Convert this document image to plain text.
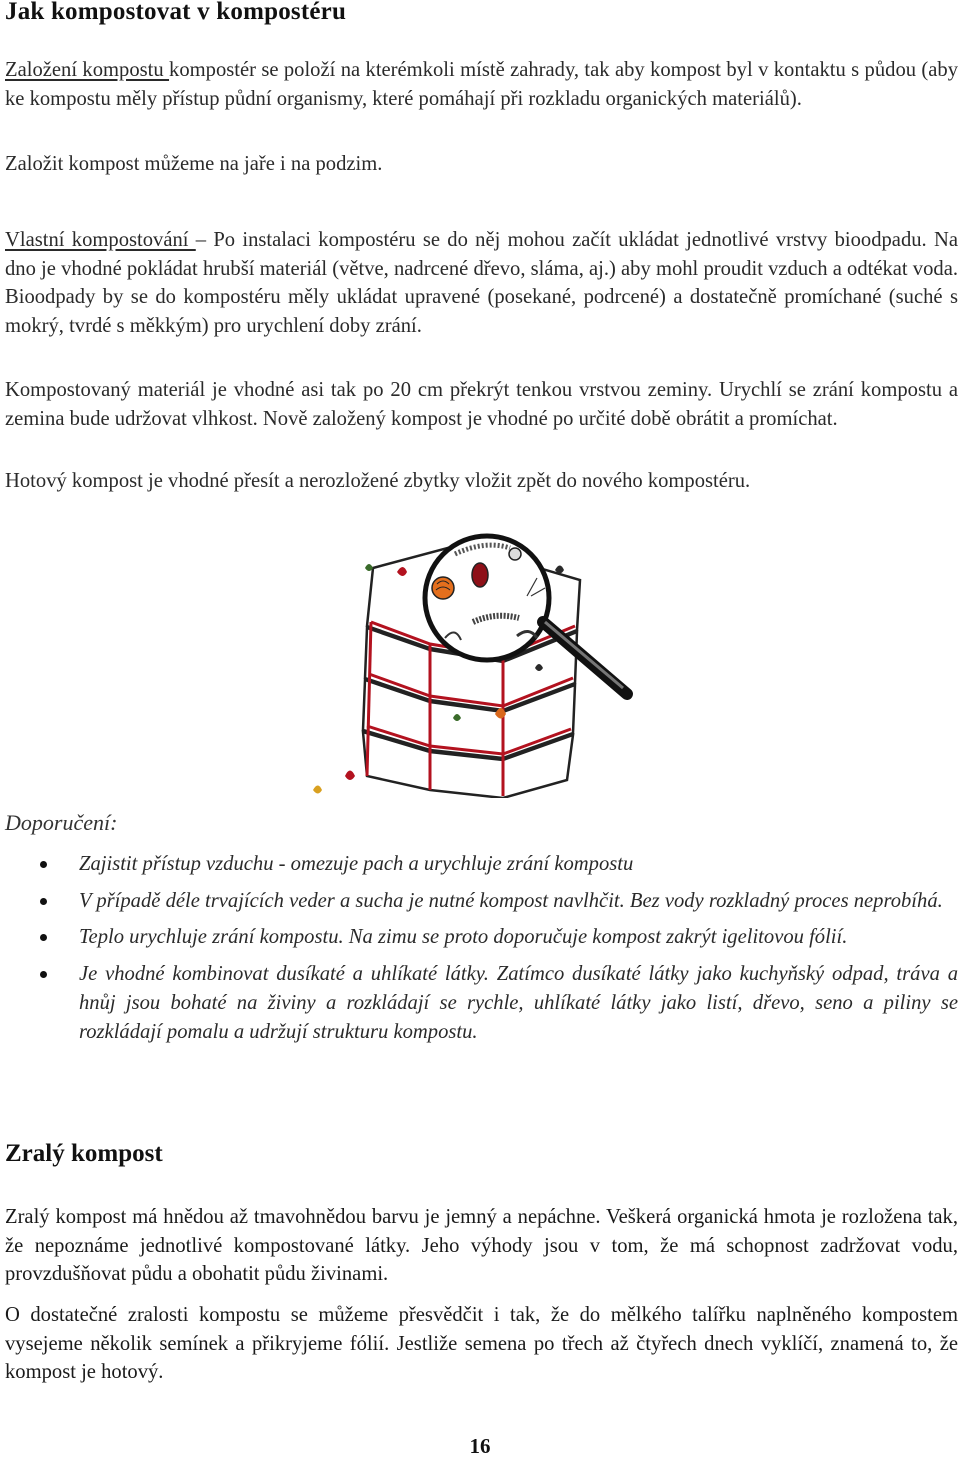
Jak kompostovat v kompostéru

Založení kompostu kompostér se položí na kterémkoli místě zahrady, tak aby kompost byl v kontaktu s půdou (aby ke kompostu měly přístup půdní organismy, které pomáhají při rozkladu organických materiálů).

Založit kompost můžeme na jaře i na podzim.

Vlastní kompostování – Po instalaci kompostéru se do něj mohou začít ukládat jednotlivé vrstvy bioodpadu. Na dno je vhodné pokládat hrubší materiál (větve, nadrcené dřevo, sláma, aj.) aby mohl proudit vzduch a odtékat voda. Bioodpady by se do kompostéru měly ukládat upravené (posekané, podrcené) a dostatečně promíchané (suché s mokrý, tvrdé s měkkým) pro urychlení doby zrání.

Kompostovaný materiál je vhodné asi tak po 20 cm překrýt tenkou vrstvou zeminy. Urychlí se zrání kompostu a zemina bude udržovat vlhkost. Nově založený kompost je vhodné po určité době obrátit a promíchat.

Hotový kompost je vhodné přesít a nerozložené zbytky vložit zpět do nového kompostéru.

Doporučení:

Zajistit přístup vzduchu - omezuje pach a urychluje zrání kompostu
V případě déle trvajících veder a sucha je nutné kompost navlhčit. Bez vody rozkladný proces neprobíhá.
Teplo urychluje zrání kompostu. Na zimu se proto doporučuje kompost zakrýt igelitovou fólií.
Je vhodné kombinovat dusíkaté a uhlíkaté látky. Zatímco dusíkaté látky jako kuchyňský odpad, tráva a hnůj jsou bohaté na živiny a rozkládají se rychle, uhlíkaté látky jako listí, dřevo, seno a piliny se rozkládají pomalu a udržují strukturu kompostu.
Zralý kompost

Zralý kompost má hnědou až tmavohnědou barvu je jemný a nepáchne. Veškerá organická hmota je rozložena tak, že nepoznáme jednotlivé kompostované látky. Jeho výhody jsou v tom, že má schopnost zadržovat vodu, provzdušňovat půdu a obohatit půdu živinami.

O dostatečné zralosti kompostu se můžeme přesvědčit i tak, že do mělkého talířku naplněného kompostem vysejeme několik semínek a přikryjeme fólií. Jestliže semena po třech až čtyřech dnech vyklíčí, znamená to, že kompost je hotový.

16
